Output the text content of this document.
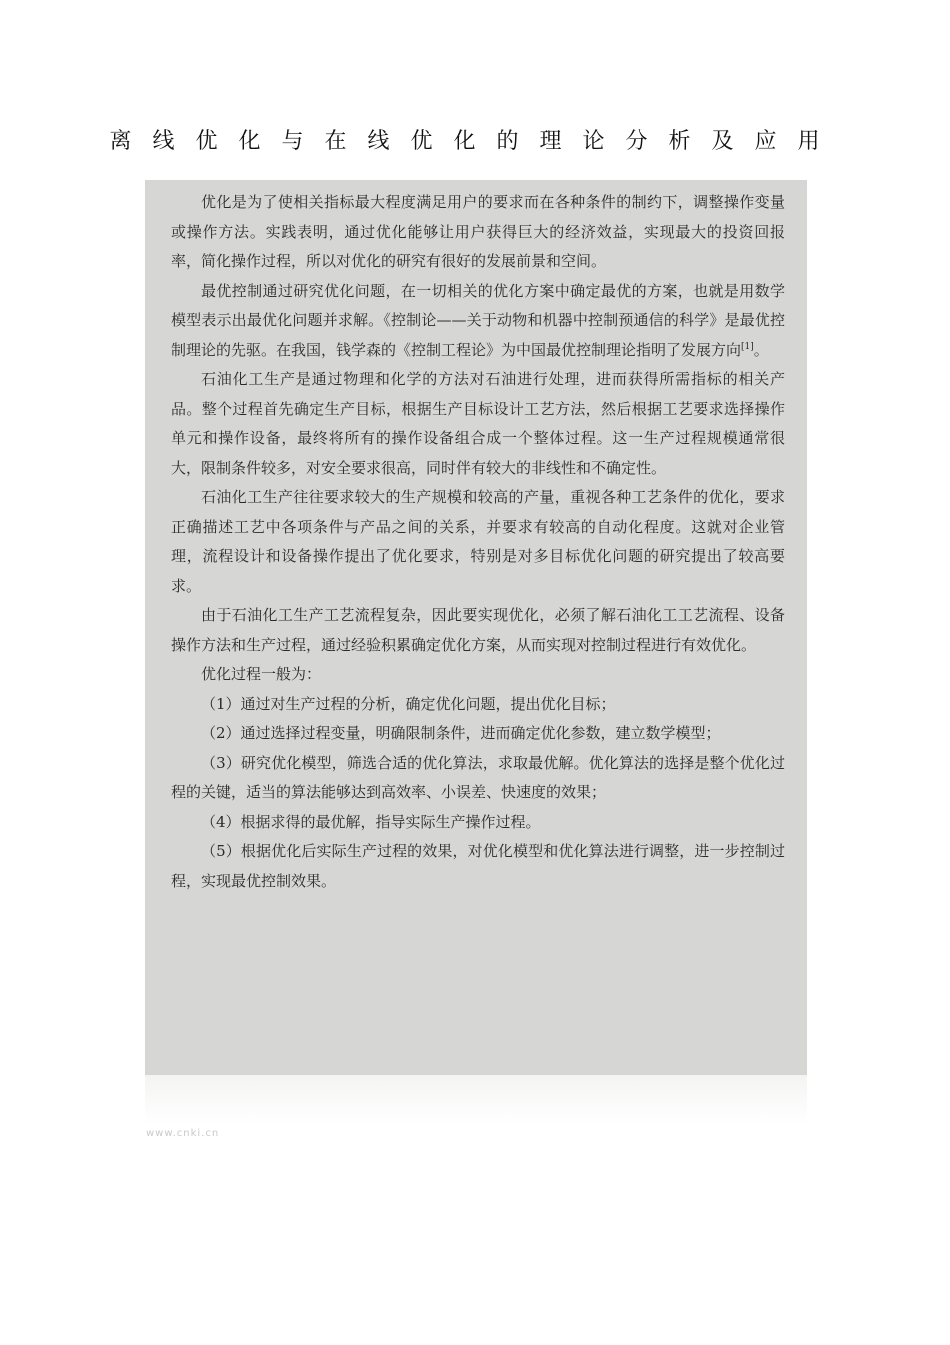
离线优化与在线优化的理论分析及应用

优化是为了使相关指标最大程度满足用户的要求而在各种条件的制约下，调整操作变量或操作方法。实践表明，通过优化能够让用户获得巨大的经济效益，实现最大的投资回报率，简化操作过程，所以对优化的研究有很好的发展前景和空间。

最优控制通过研究优化问题，在一切相关的优化方案中确定最优的方案，也就是用数学模型表示出最优化问题并求解。《控制论——关于动物和机器中控制预通信的科学》是最优控制理论的先驱。在我国，钱学森的《控制工程论》为中国最优控制理论指明了发展方向[1]。

石油化工生产是通过物理和化学的方法对石油进行处理，进而获得所需指标的相关产品。整个过程首先确定生产目标，根据生产目标设计工艺方法，然后根据工艺要求选择操作单元和操作设备，最终将所有的操作设备组合成一个整体过程。这一生产过程规模通常很大，限制条件较多，对安全要求很高，同时伴有较大的非线性和不确定性。

石油化工生产往往要求较大的生产规模和较高的产量，重视各种工艺条件的优化，要求正确描述工艺中各项条件与产品之间的关系，并要求有较高的自动化程度。这就对企业管理，流程设计和设备操作提出了优化要求，特别是对多目标优化问题的研究提出了较高要求。

由于石油化工生产工艺流程复杂，因此要实现优化，必须了解石油化工工艺流程、设备操作方法和生产过程，通过经验积累确定优化方案，从而实现对控制过程进行有效优化。

优化过程一般为：

（1）通过对生产过程的分析，确定优化问题，提出优化目标；

（2）通过选择过程变量，明确限制条件，进而确定优化参数，建立数学模型；

（3）研究优化模型，筛选合适的优化算法，求取最优解。优化算法的选择是整个优化过程的关键，适当的算法能够达到高效率、小误差、快速度的效果；

（4）根据求得的最优解，指导实际生产操作过程。

（5）根据优化后实际生产过程的效果，对优化模型和优化算法进行调整，进一步控制过程，实现最优控制效果。

www.cnki.cn
